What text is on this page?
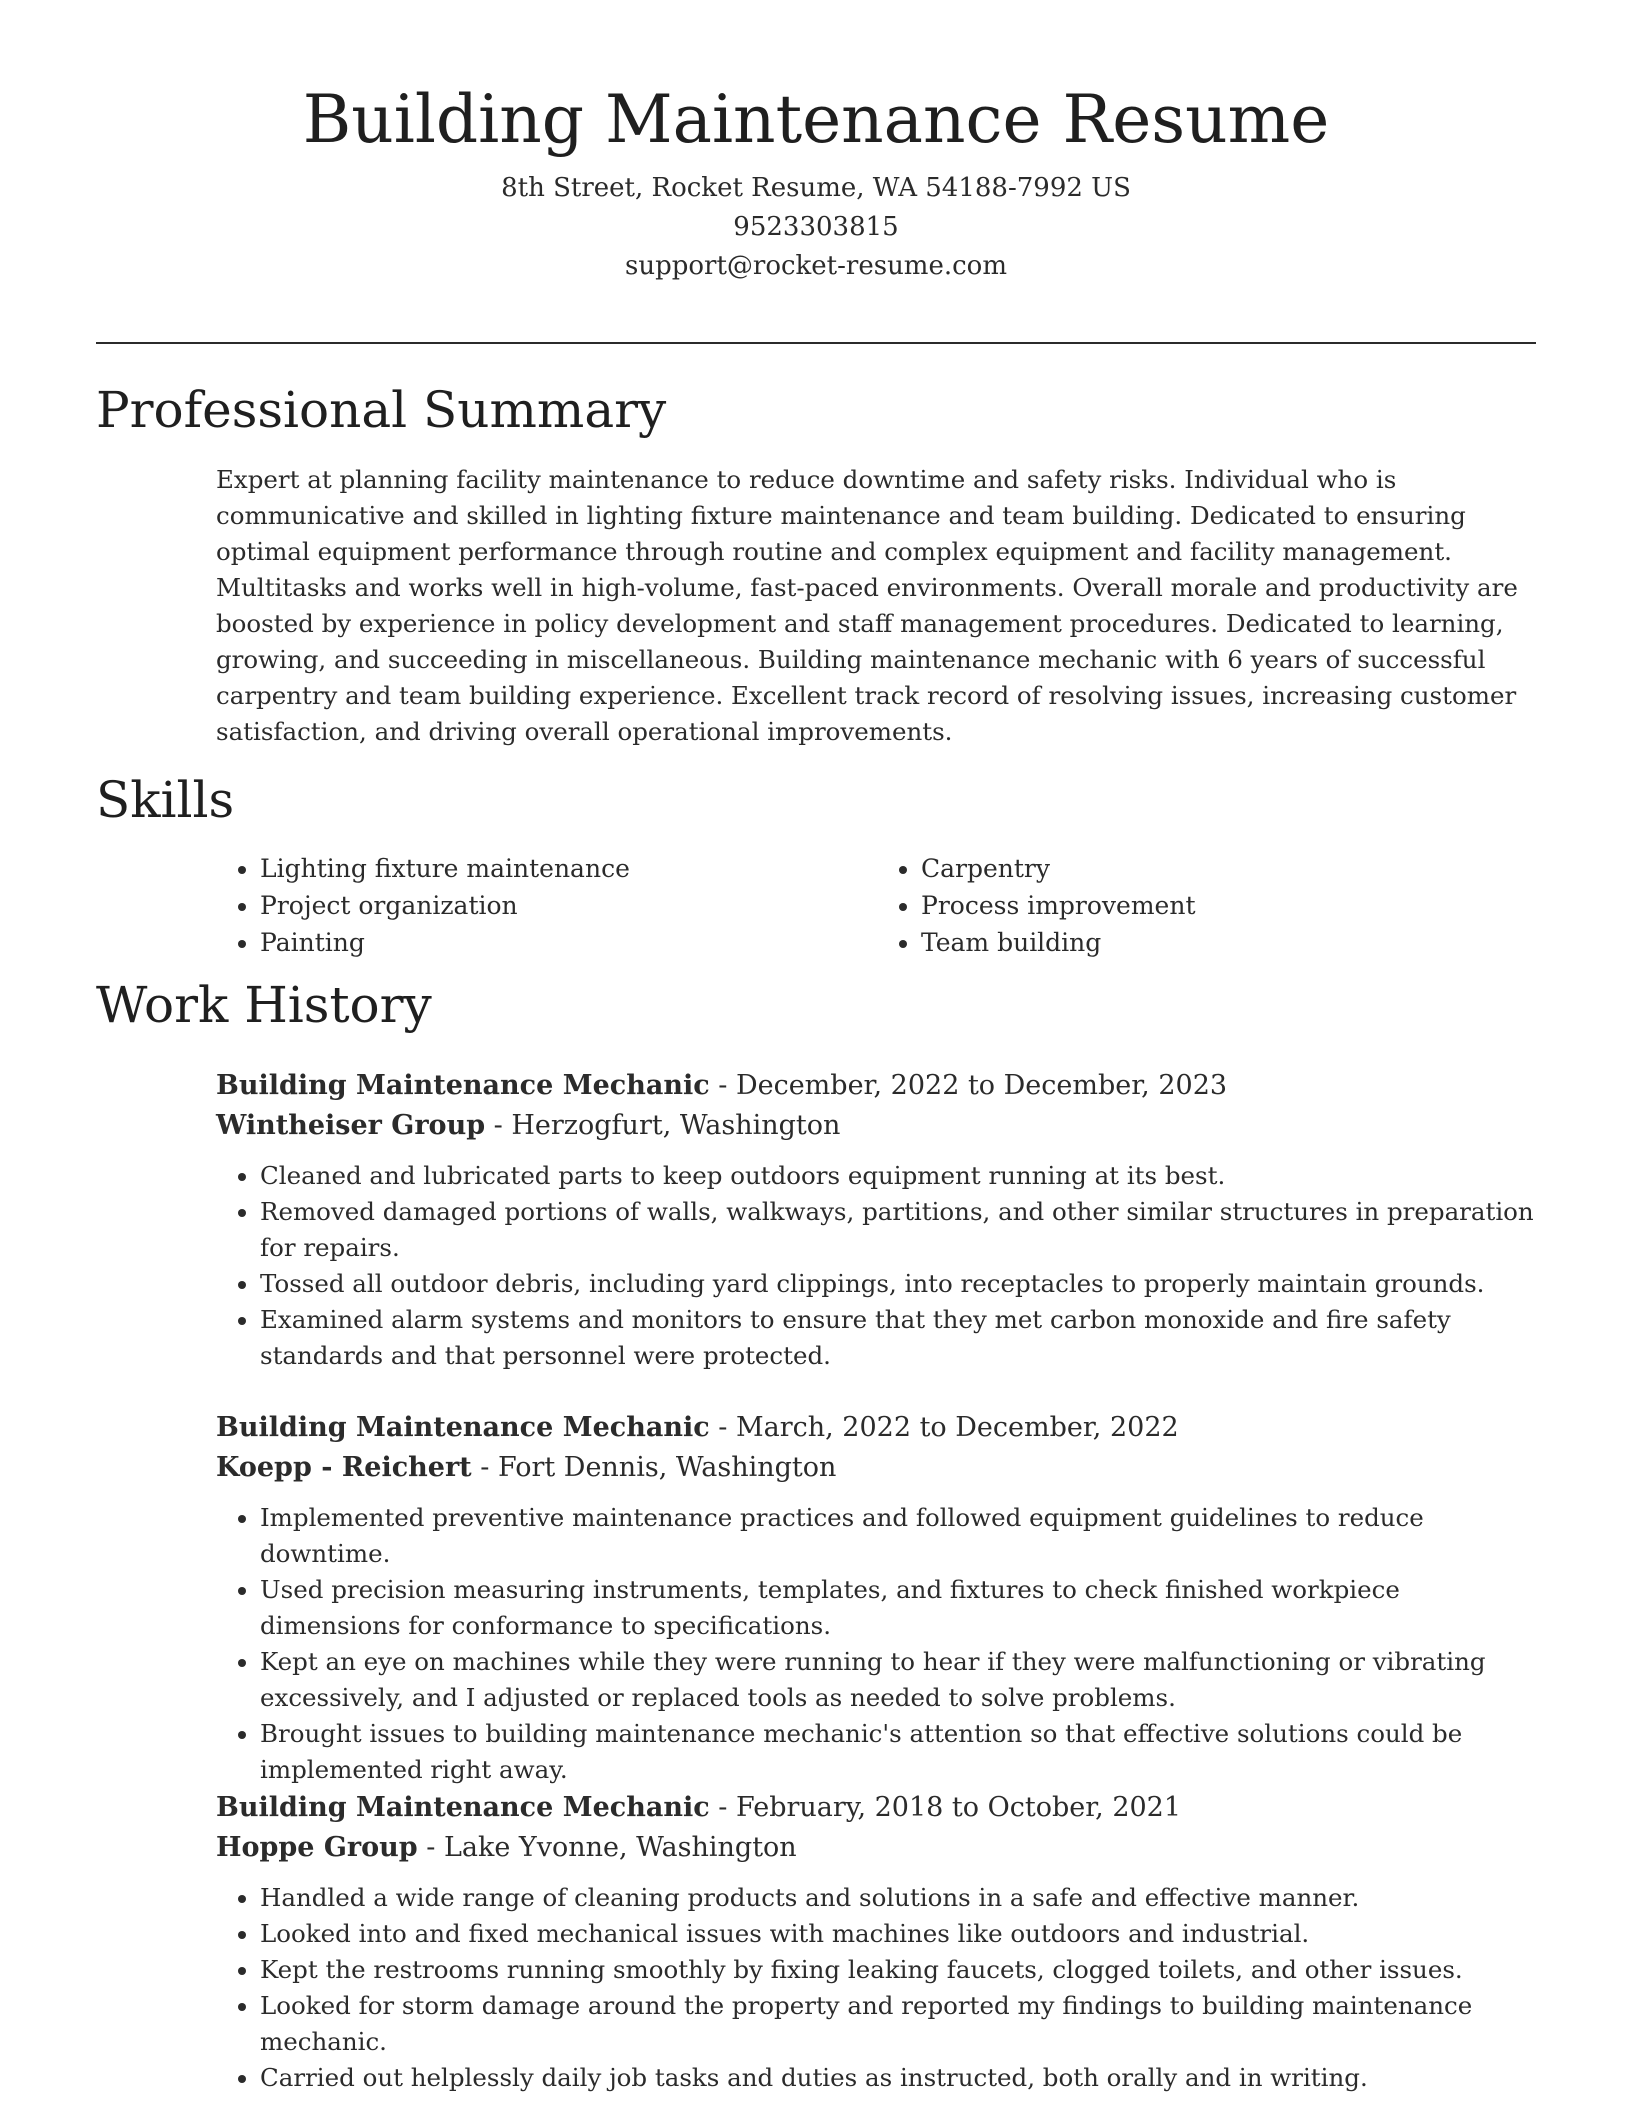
Building Maintenance Resume
8th Street, Rocket Resume, WA 54188-7992 US
9523303815
support@rocket-resume.com
Professional Summary

Expert at planning facility maintenance to reduce downtime and safety risks. Individual who is communicative and skilled in lighting fixture maintenance and team building. Dedicated to ensuring optimal equipment performance through routine and complex equipment and facility management. Multitasks and works well in high-volume, fast-paced environments. Overall morale and productivity are boosted by experience in policy development and staff management procedures. Dedicated to learning, growing, and succeeding in miscellaneous. Building maintenance mechanic with 6 years of successful carpentry and team building experience. Excellent track record of resolving issues, increasing customer satisfaction, and driving overall operational improvements.

Skills
• Lighting fixture maintenance
• Project organization
• Painting
• Carpentry
• Process improvement
• Team building
Work History
Building Maintenance Mechanic - December, 2022 to December, 2023
Wintheiser Group - Herzogfurt, Washington
• Cleaned and lubricated parts to keep outdoors equipment running at its best.
• Removed damaged portions of walls, walkways, partitions, and other similar structures in preparation for repairs.
• Tossed all outdoor debris, including yard clippings, into receptacles to properly maintain grounds.
• Examined alarm systems and monitors to ensure that they met carbon monoxide and fire safety standards and that personnel were protected.
Building Maintenance Mechanic - March, 2022 to December, 2022
Koepp - Reichert - Fort Dennis, Washington
• Implemented preventive maintenance practices and followed equipment guidelines to reduce downtime.
• Used precision measuring instruments, templates, and fixtures to check finished workpiece dimensions for conformance to specifications.
• Kept an eye on machines while they were running to hear if they were malfunctioning or vibrating excessively, and I adjusted or replaced tools as needed to solve problems.
• Brought issues to building maintenance mechanic's attention so that effective solutions could be implemented right away.
Building Maintenance Mechanic - February, 2018 to October, 2021
Hoppe Group - Lake Yvonne, Washington
• Handled a wide range of cleaning products and solutions in a safe and effective manner.
• Looked into and fixed mechanical issues with machines like outdoors and industrial.
• Kept the restrooms running smoothly by fixing leaking faucets, clogged toilets, and other issues.
• Looked for storm damage around the property and reported my findings to building maintenance mechanic.
• Carried out helplessly daily job tasks and duties as instructed, both orally and in writing.
